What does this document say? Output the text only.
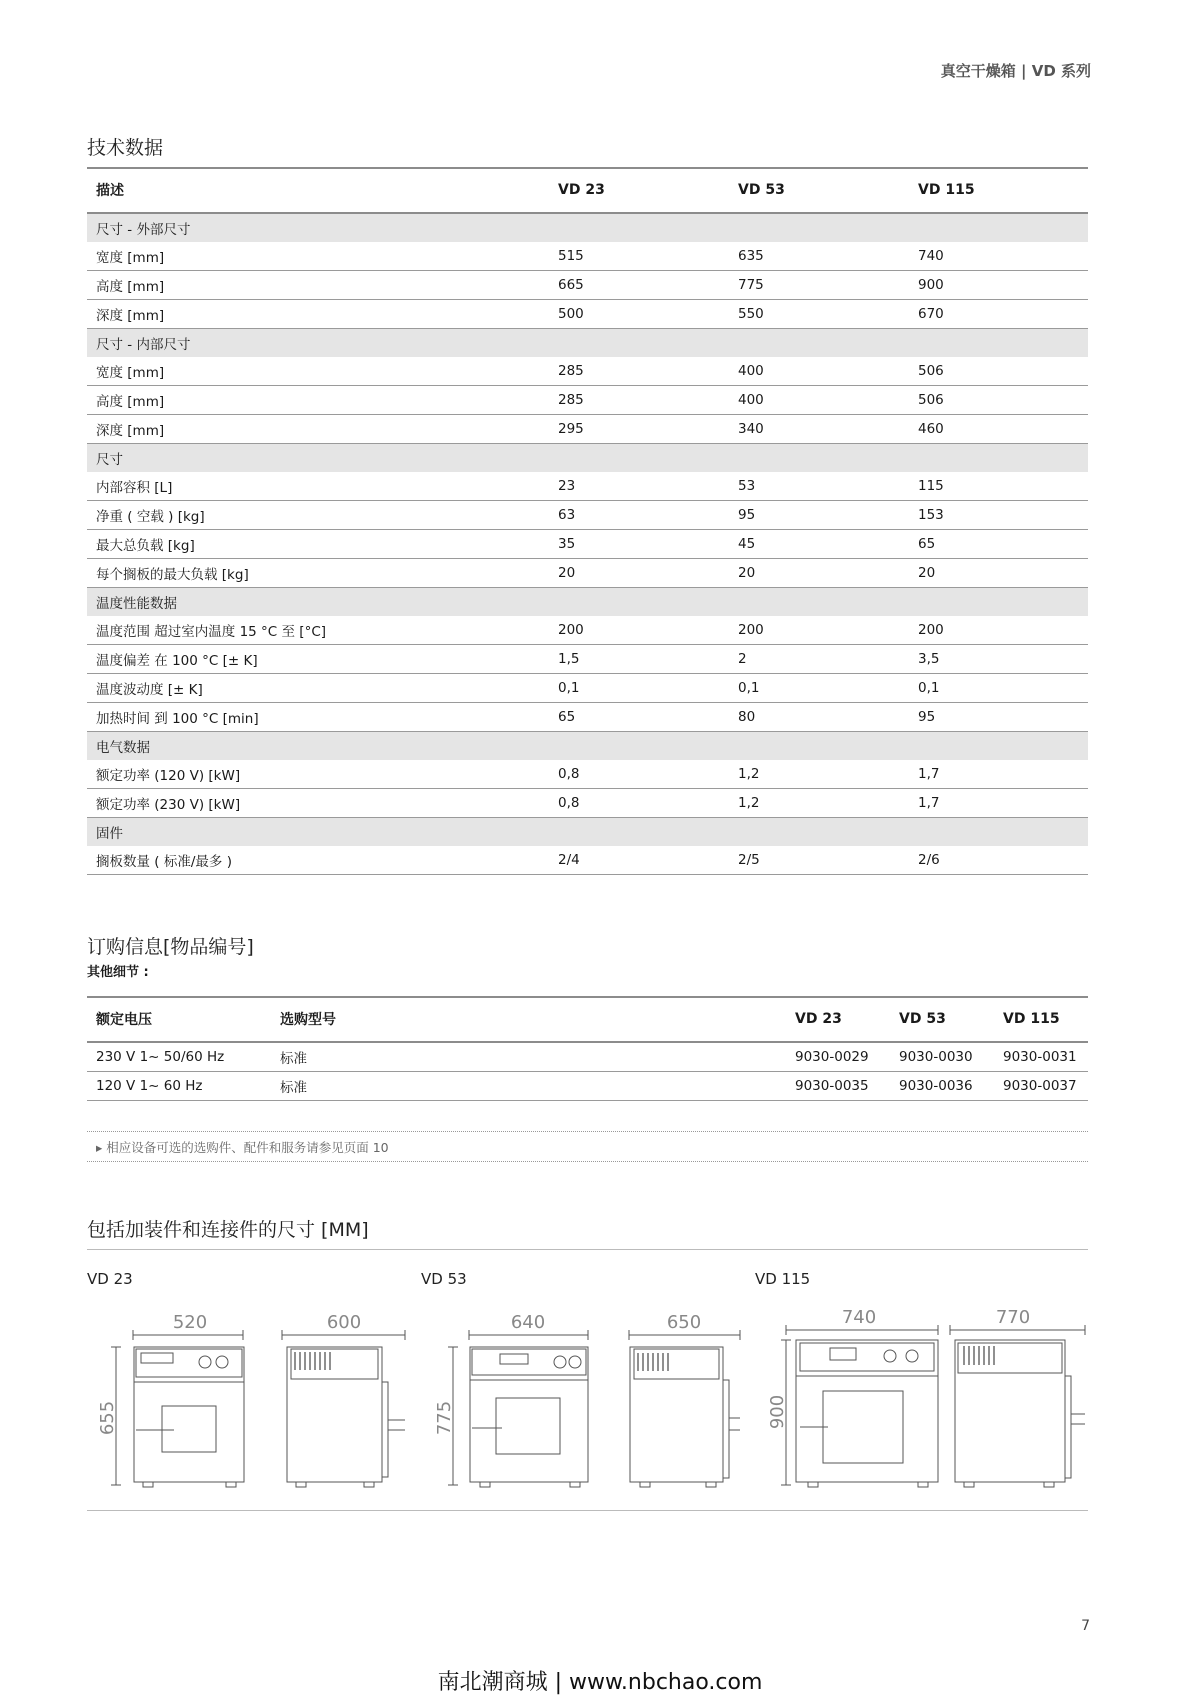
真空干燥箱 | VD 系列
技术数据
描述	VD 23	VD 53	VD 115
尺寸 - 外部尺寸			
宽度 [mm]	515	635	740
高度 [mm]	665	775	900
深度 [mm]	500	550	670
尺寸 - 内部尺寸			
宽度 [mm]	285	400	506
高度 [mm]	285	400	506
深度 [mm]	295	340	460
尺寸			
内部容积 [L]	23	53	115
净重 ( 空载 ) [kg]	63	95	153
最大总负载 [kg]	35	45	65
每个搁板的最大负载 [kg]	20	20	20
温度性能数据			
温度范围 超过室内温度 15 °C 至 [°C]	200	200	200
温度偏差 在 100 °C [± K]	1,5	2	3,5
温度波动度 [± K]	0,1	0,1	0,1
加热时间 到 100 °C [min]	65	80	95
电气数据			
额定功率 (120 V) [kW]	0,8	1,2	1,7
额定功率 (230 V) [kW]	0,8	1,2	1,7
固件			
搁板数量 ( 标准/最多 )	2/4	2/5	2/6
订购信息[物品编号]
其他细节 :
额定电压	选购型号	VD 23	VD 53	VD 115
230 V 1~ 50/60 Hz	标准	9030-0029	9030-0030	9030-0031
120 V 1~ 60 Hz	标准	9030-0035	9030-0036	9030-0037
▸ 相应设备可选的选购件、配件和服务请参见页面 10
包括加装件和连接件的尺寸 [MM]
VD 23	VD 53	VD 115
520	600
655
640	650
775
740	770
900
7
南北潮商城 | www.nbchao.com
